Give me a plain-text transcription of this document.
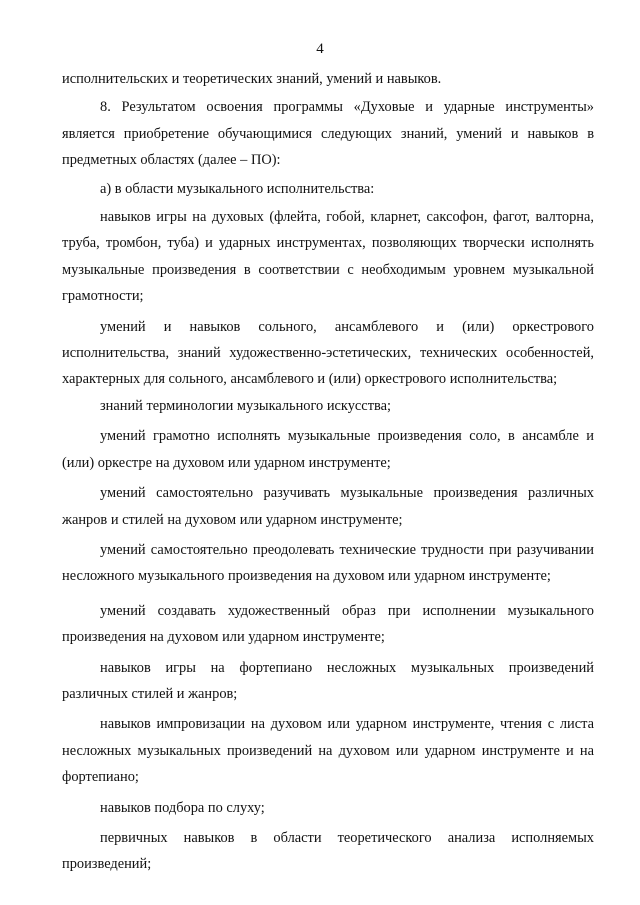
4

исполнительских и теоретических знаний, умений и навыков.

8. Результатом освоения программы «Духовые и ударные инструменты» является приобретение обучающимися следующих знаний, умений и навыков в предметных областях (далее – ПО):

а) в области музыкального исполнительства:

навыков игры на духовых (флейта, гобой, кларнет, саксофон, фагот, валторна, труба, тромбон, туба) и ударных инструментах, позволяющих творчески исполнять музыкальные произведения в соответствии с необходимым уровнем музыкальной грамотности;

умений и навыков сольного, ансамблевого и (или) оркестрового исполнительства, знаний художественно-эстетических, технических особенностей, характерных для сольного, ансамблевого и (или) оркестрового исполнительства;

знаний терминологии музыкального искусства;

умений грамотно исполнять музыкальные произведения соло, в ансамбле и (или) оркестре на духовом или ударном инструменте;

умений самостоятельно разучивать музыкальные произведения различных жанров и стилей на духовом или ударном инструменте;

умений самостоятельно преодолевать технические трудности при разучивании несложного музыкального произведения на духовом или ударном инструменте;

умений создавать художественный образ при исполнении музыкального произведения на духовом или ударном инструменте;

навыков игры на фортепиано несложных музыкальных произведений различных стилей и жанров;

навыков импровизации на духовом или ударном инструменте, чтения с листа несложных музыкальных произведений на духовом или ударном инструменте и на фортепиано;

навыков подбора по слуху;

первичных навыков в области теоретического анализа исполняемых произведений;
